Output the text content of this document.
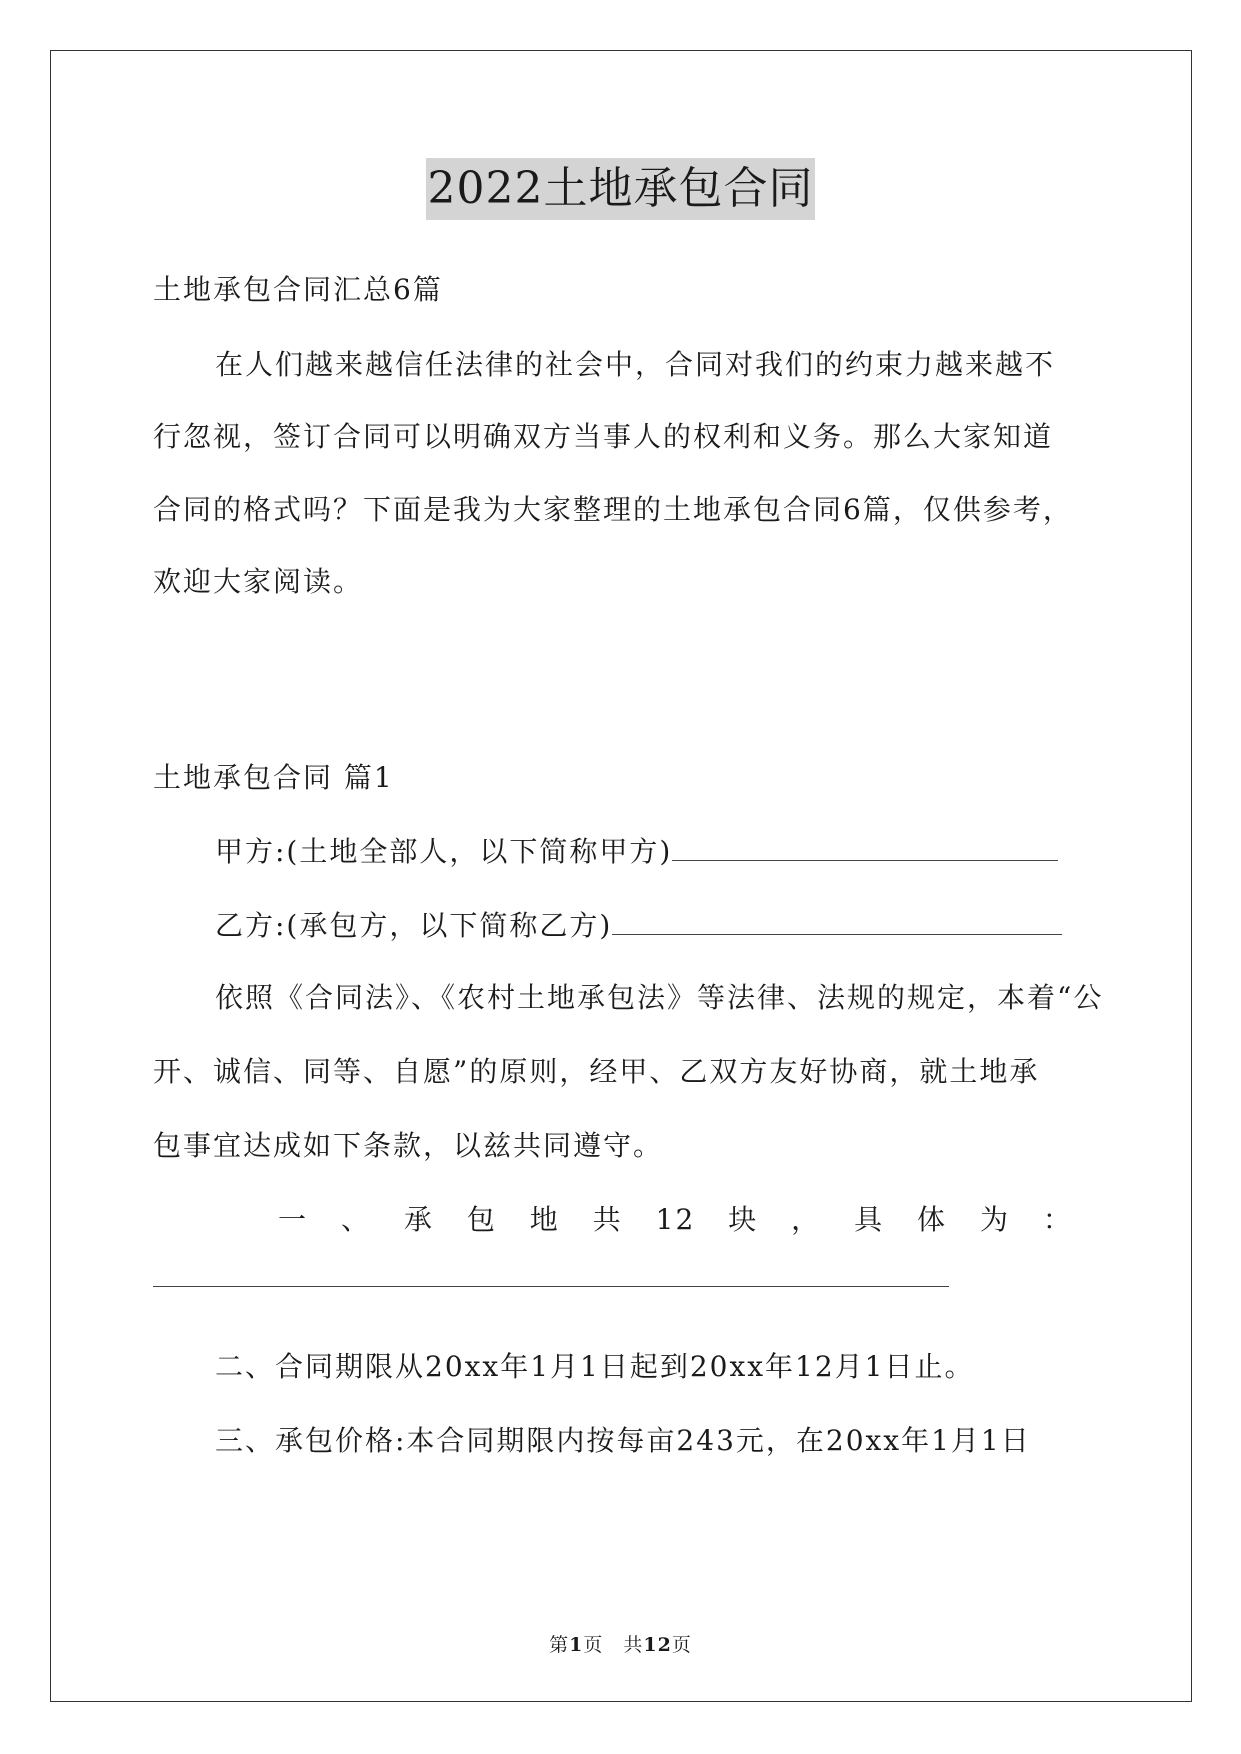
2022土地承包合同
土地承包合同汇总6篇
在人们越来越信任法律的社会中，合同对我们的约束力越来越不
行忽视，签订合同可以明确双方当事人的权利和义务。那么大家知道
合同的格式吗？下面是我为大家整理的土地承包合同6篇，仅供参考，
欢迎大家阅读。
土地承包合同 篇1
甲方:(土地全部人，以下简称甲方)
乙方:(承包方，以下简称乙方)
依照《合同法》、《农村土地承包法》等法律、法规的规定，本着“公
开、诚信、同等、自愿”的原则，经甲、乙双方友好协商，就土地承
包事宜达成如下条款，以兹共同遵守。
一 、 承 包 地 共 12 块 ， 具 体 为 ：
二、合同期限从20xx年1月1日起到20xx年12月1日止。
三、承包价格:本合同期限内按每亩243元，在20xx年1月1日
第1页　共12页
